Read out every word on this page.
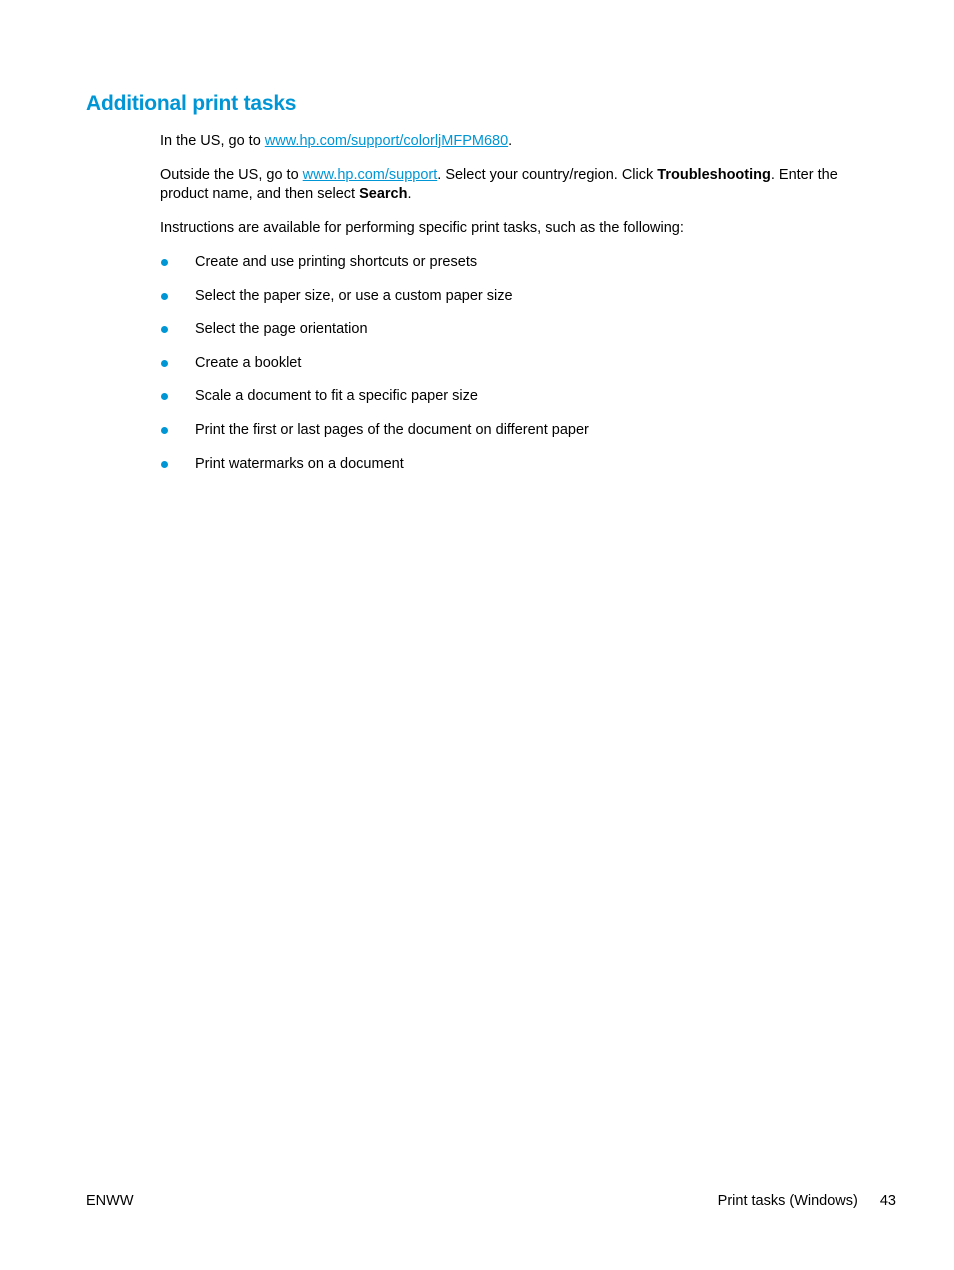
Additional print tasks

In the US, go to www.hp.com/support/colorljMFPM680.

Outside the US, go to www.hp.com/support. Select your country/region. Click Troubleshooting. Enter the product name, and then select Search.

Instructions are available for performing specific print tasks, such as the following:

Create and use printing shortcuts or presets
Select the paper size, or use a custom paper size
Select the page orientation
Create a booklet
Scale a document to fit a specific paper size
Print the first or last pages of the document on different paper
Print watermarks on a document
ENWW	Print tasks (Windows) 43
